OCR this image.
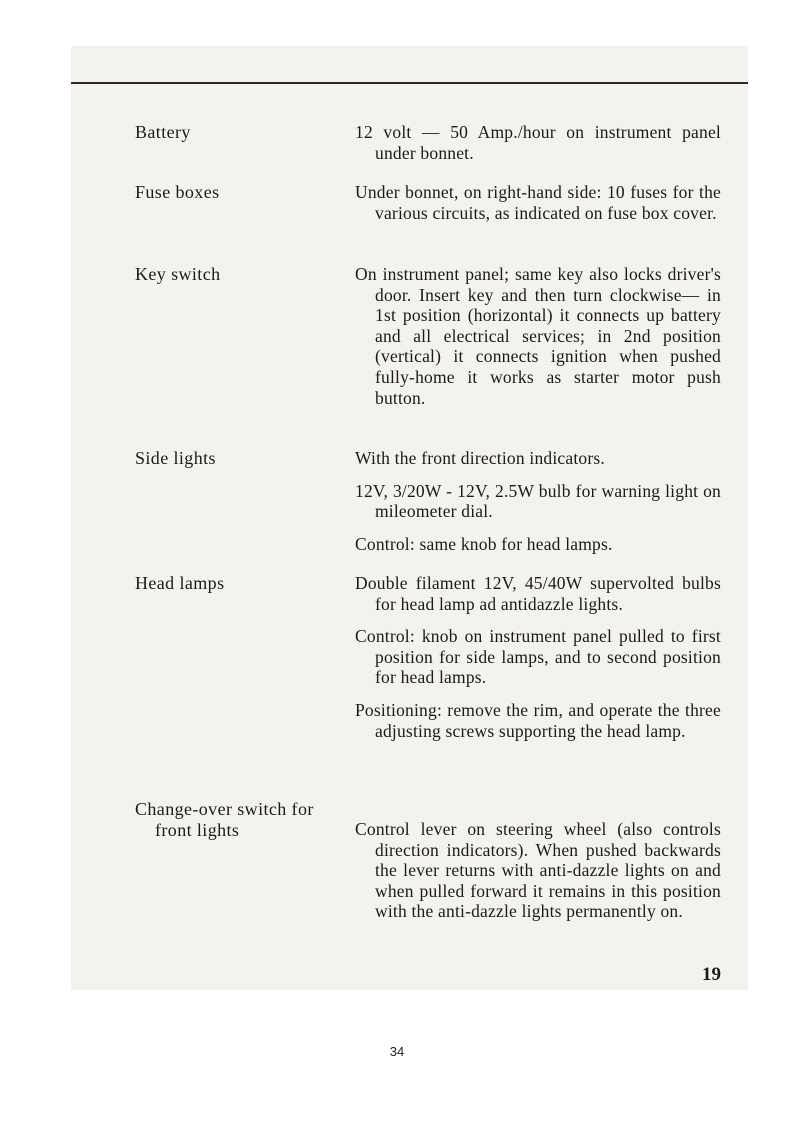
Battery	12 volt — 50 Amp./hour on instrument panel under bonnet.
Fuse boxes	Under bonnet, on right-hand side: 10 fuses for the various circuits, as indicated on fuse box cover.
Key switch	On instrument panel; same key also locks driver's door. Insert key and then turn clockwise— in 1st position (horizontal) it connects up battery and all electrical services; in 2nd position (vertical) it connects ignition when pushed fully-home it works as starter motor push button.
Side lights	With the front direction indicators.
12V, 3/20W - 12V, 2.5W bulb for warning light on mileometer dial.
Control: same knob for head lamps.
Head lamps	Double filament 12V, 45/40W supervolted bulbs for head lamp ad antidazzle lights.
Control: knob on instrument panel pulled to first position for side lamps, and to second position for head lamps.
Positioning: remove the rim, and operate the three adjusting screws supporting the head lamp.
Change-over switch for
front lights	Control lever on steering wheel (also controls direction indicators). When pushed backwards the lever returns with anti-dazzle lights on and when pulled forward it remains in this position with the anti-dazzle lights permanently on.
19
34
